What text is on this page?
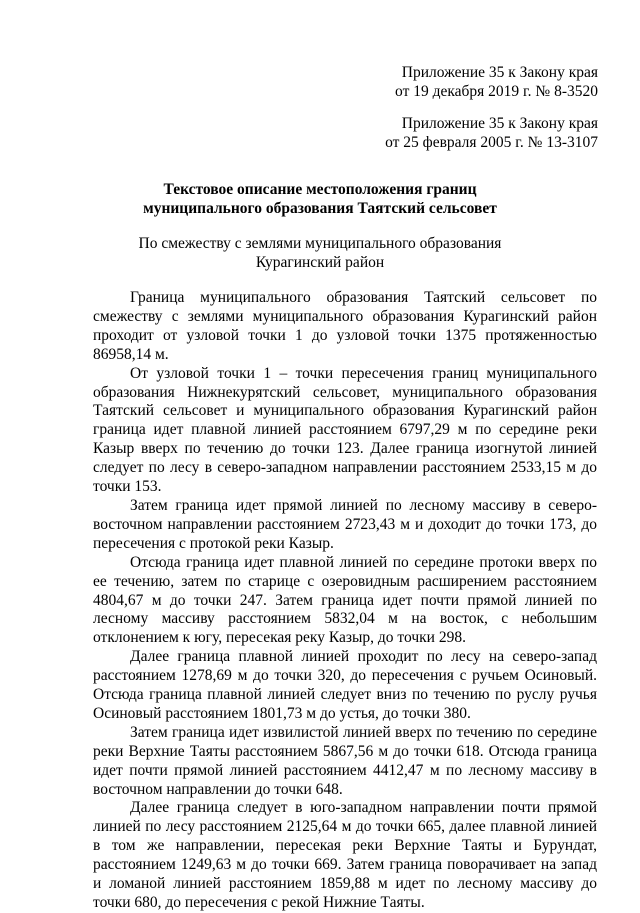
Приложение 35 к Закону края
от 19 декабря 2019 г. № 8-3520
Приложение 35 к Закону края
от 25 февраля 2005 г. № 13-3107
Текстовое описание местоположения границ
муниципального образования Таятский сельсовет
По смежеству с землями муниципального образования
Курагинский район

Граница муниципального образования Таятский сельсовет по смежеству с землями муниципального образования Курагинский район проходит от узловой точки 1 до узловой точки 1375 протяженностью 86958,14 м.

От узловой точки 1 – точки пересечения границ муниципального образования Нижнекурятский сельсовет, муниципального образования Таятский сельсовет и муниципального образования Курагинский район граница идет плавной линией расстоянием 6797,29 м по середине реки Казыр вверх по течению до точки 123. Далее граница изогнутой линией следует по лесу в северо-западном направлении расстоянием 2533,15 м до точки 153.

Затем граница идет прямой линией по лесному массиву в северо-восточном направлении расстоянием 2723,43 м и доходит до точки 173, до пересечения с протокой реки Казыр.

Отсюда граница идет плавной линией по середине протоки вверх по ее течению, затем по старице с озеровидным расширением расстоянием 4804,67 м до точки 247. Затем граница идет почти прямой линией по лесному массиву расстоянием 5832,04 м на восток, с небольшим отклонением к югу, пересекая реку Казыр, до точки 298.

Далее граница плавной линией проходит по лесу на северо-запад расстоянием 1278,69 м до точки 320, до пересечения с ручьем Осиновый. Отсюда граница плавной линией следует вниз по течению по руслу ручья Осиновый расстоянием 1801,73 м до устья, до точки 380.

Затем граница идет извилистой линией вверх по течению по середине реки Верхние Таяты расстоянием 5867,56 м до точки 618. Отсюда граница идет почти прямой линией расстоянием 4412,47 м по лесному массиву в восточном направлении до точки 648.

Далее граница следует в юго-западном направлении почти прямой линией по лесу расстоянием 2125,64 м до точки 665, далее плавной линией в том же направлении, пересекая реки Верхние Таяты и Бурундат, расстоянием 1249,63 м до точки 669. Затем граница поворачивает на запад и ломаной линией расстоянием 1859,88 м идет по лесному массиву до точки 680, до пересечения с рекой Нижние Таяты.
